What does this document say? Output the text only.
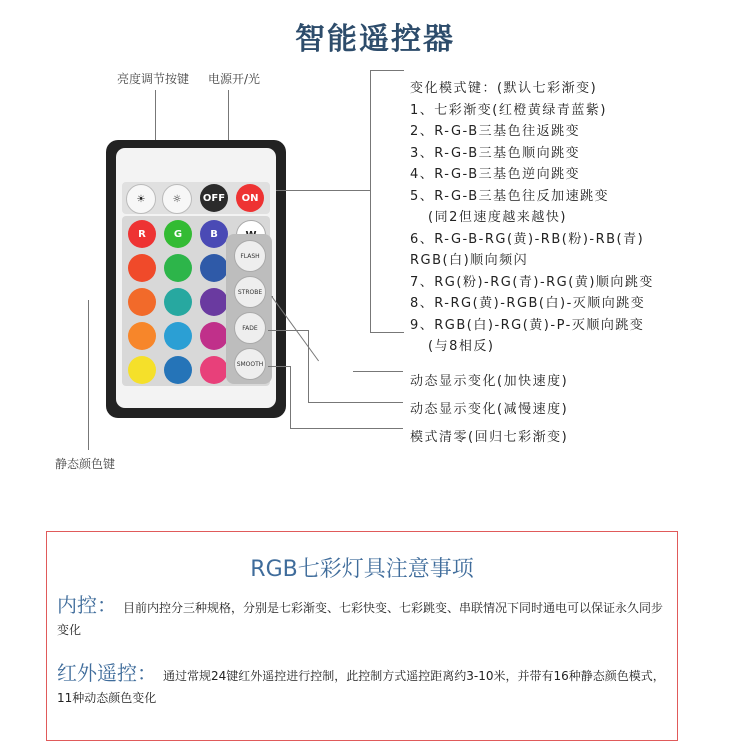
智能遥控器
亮度调节按键 电源开/光
☀	☼ OFF	ON
R	G	B
FLASH
STROBE
FADE
SMOOTH
静态颜色键
变化模式键：(默认七彩渐变)
1、七彩渐变(红橙黄绿青蓝紫)
2、R-G-B三基色往返跳变
3、R-G-B三基色顺向跳变
4、R-G-B三基色逆向跳变
5、R-G-B三基色往反加速跳变
(同2但速度越来越快)
6、R-G-B-RG(黄)-RB(粉)-RB(青)
RGB(白)顺向频闪
7、RG(粉)-RG(青)-RG(黄)顺向跳变
8、R-RG(黄)-RGB(白)-灭顺向跳变
9、RGB(白)-RG(黄)-P-灭顺向跳变
(与8相反)
动态显示变化(加快速度)
动态显示变化(减慢速度)
模式清零(回归七彩渐变)
RGB七彩灯具注意事项
内控： 目前内控分三种规格，分别是七彩渐变、七彩快变、七彩跳变、串联情况下同时通电可以保证永久同步变化
红外遥控： 通过常规24键红外遥控进行控制，此控制方式遥控距离约3-10米，并带有16种静态颜色模式，11种动态颜色变化
